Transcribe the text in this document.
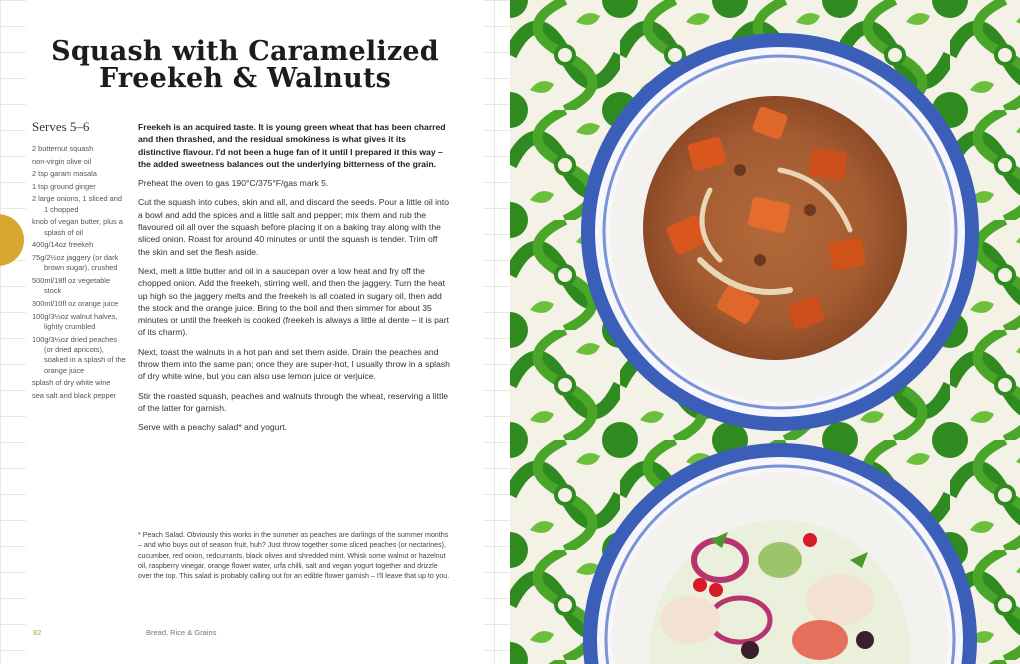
Squash with Caramelized Freekeh & Walnuts
Serves 5–6
2 butternut squash
non-virgin olive oil
2 tsp garam masala
1 tsp ground ginger
2 large onions, 1 sliced and 1 chopped
knob of vegan butter, plus a splash of oil
400g/14oz freekeh
75g/2½oz jaggery (or dark brown sugar), crushed
500ml/18fl oz vegetable stock
300ml/10fl oz orange juice
100g/3½oz walnut halves, lightly crumbled
100g/3½oz dried peaches (or dried apricots), soaked in a splash of the orange juice
splash of dry white wine
sea salt and black pepper

Freekeh is an acquired taste. It is young green wheat that has been charred and then thrashed, and the residual smokiness is what gives it its distinctive flavour. I'd not been a huge fan of it until I prepared it this way – the added sweetness balances out the underlying bitterness of the grain.

Preheat the oven to gas 190°C/375°F/gas mark 5.

Cut the squash into cubes, skin and all, and discard the seeds. Pour a little oil into a bowl and add the spices and a little salt and pepper; mix them and rub the flavoured oil all over the squash before placing it on a baking tray along with the sliced onion. Roast for around 40 minutes or until the squash is tender. Trim off the skin and set the flesh aside.

Next, melt a little butter and oil in a saucepan over a low heat and fry off the chopped onion. Add the freekeh, stirring well, and then the jaggery. Turn the heat up high so the jaggery melts and the freekeh is all coated in sugary oil, then add the stock and the orange juice. Bring to the boil and then simmer for about 35 minutes or until the freekeh is cooked (freekeh is always a little al dente – it is part of its charm).

Next, toast the walnuts in a hot pan and set them aside. Drain the peaches and throw them into the same pan; once they are super-hot, I usually throw in a splash of dry white wine, but you can also use lemon juice or verjuice.

Stir the roasted squash, peaches and walnuts through the wheat, reserving a little of the latter for garnish.

Serve with a peachy salad* and yogurt.

* Peach Salad. Obviously this works in the summer as peaches are darlings of the summer months – and who buys out of season fruit, huh? Just throw together some sliced peaches (or nectarines), cucumber, red onion, redcurrants, black olives and shredded mint. Whisk some walnut or hazelnut oil, raspberry vinegar, orange flower water, urfa chilli, salt and vegan yogurt together and drizzle over the top. This salad is probably calling out for an edible flower garnish – I'll leave that up to you.

82	Bread, Rice & Grains
